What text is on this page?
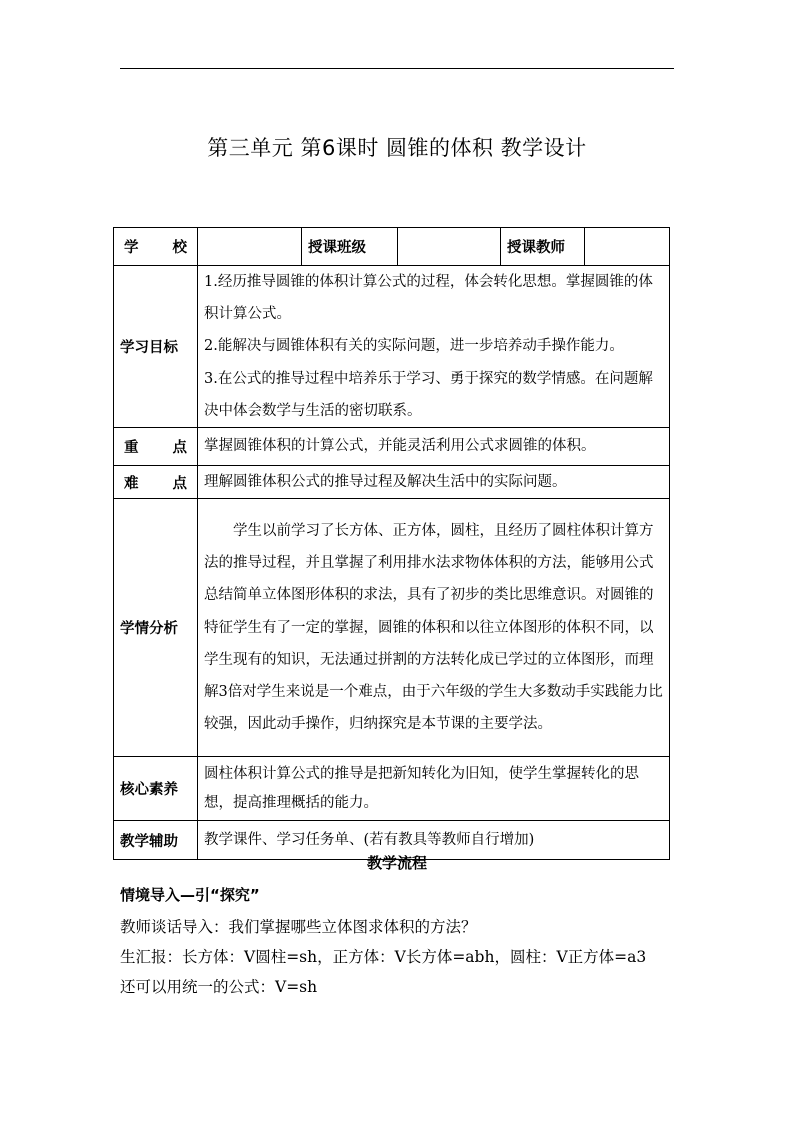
第三单元 第6课时 圆锥的体积 教学设计
学　　校		授课班级		授课教师	
学习目标	1.经历推导圆锥的体积计算公式的过程，体会转化思想。掌握圆锥的体积计算公式。
2.能解决与圆锥体积有关的实际问题，进一步培养动手操作能力。
3.在公式的推导过程中培养乐于学习、勇于探究的数学情感。在问题解决中体会数学与生活的密切联系。				

重　　点	掌握圆锥体积的计算公式，并能灵活利用公式求圆锥的体积。				
难　　点	理解圆锥体积公式的推导过程及解决生活中的实际问题。				
学情分析	学生以前学习了长方体、正方体，圆柱，且经历了圆柱体积计算方法的推导过程，并且掌握了利用排水法求物体体积的方法，能够用公式总结简单立体图形体积的求法，具有了初步的类比思维意识。对圆锥的特征学生有了一定的掌握，圆锥的体积和以往立体图形的体积不同，以学生现有的知识，无法通过拼割的方法转化成已学过的立体图形，而理解3倍对学生来说是一个难点，由于六年级的学生大多数动手实践能力比较强，因此动手操作，归纳探究是本节课的主要学法。				
核心素养	圆柱体积计算公式的推导是把新知转化为旧知，使学生掌握转化的思想，提高推理概括的能力。				
教学辅助	教学课件、学习任务单、(若有教具等教师自行增加)				
教学流程
情境导入—引“探究”
教师谈话导入：我们掌握哪些立体图求体积的方法？
生汇报：长方体：V圆柱=sh，正方体：V长方体=abh，圆柱：V正方体=a3
还可以用统一的公式：V=sh
